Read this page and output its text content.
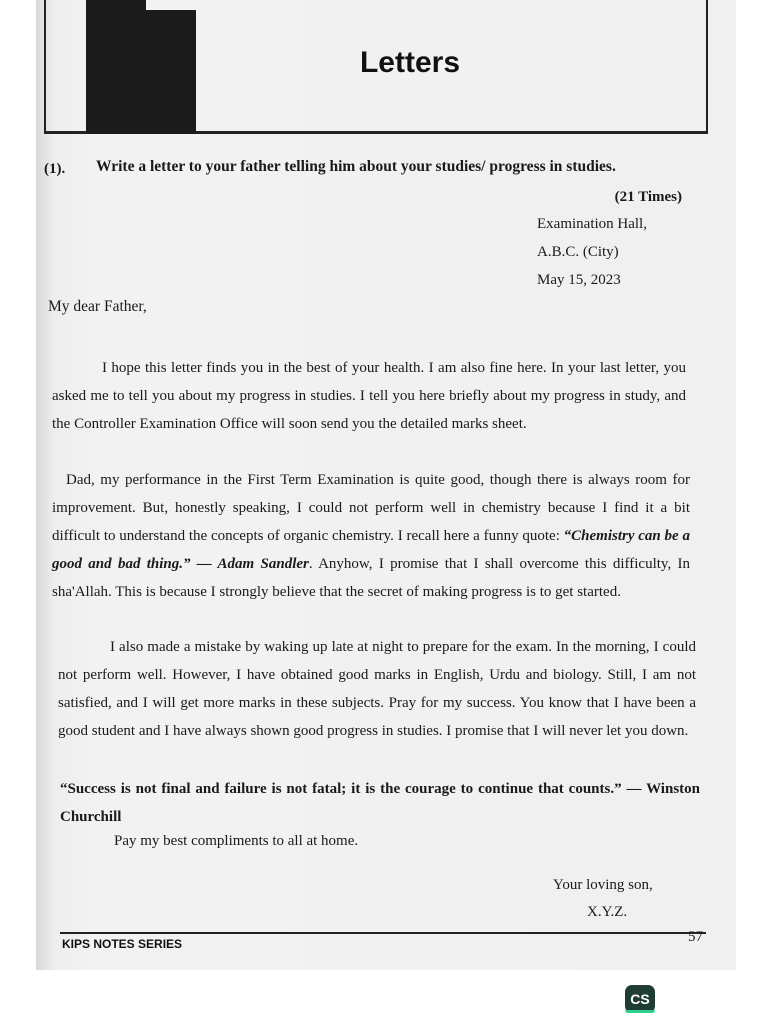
Letters
(1). Write a letter to your father telling him about your studies/ progress in studies.
(21 Times)
Examination Hall,
A.B.C. (City)
May 15, 2023
My dear Father,

I hope this letter finds you in the best of your health. I am also fine here. In your last letter, you asked me to tell you about my progress in studies. I tell you here briefly about my progress in study, and the Controller Examination Office will soon send you the detailed marks sheet.

Dad, my performance in the First Term Examination is quite good, though there is always room for improvement. But, honestly speaking, I could not perform well in chemistry because I find it a bit difficult to understand the concepts of organic chemistry. I recall here a funny quote: “Chemistry can be a good and bad thing.” — Adam Sandler. Anyhow, I promise that I shall overcome this difficulty, In sha'Allah. This is because I strongly believe that the secret of making progress is to get started.

I also made a mistake by waking up late at night to prepare for the exam. In the morning, I could not perform well. However, I have obtained good marks in English, Urdu and biology. Still, I am not satisfied, and I will get more marks in these subjects. Pray for my success. You know that I have been a good student and I have always shown good progress in studies. I promise that I will never let you down.

“Success is not final and failure is not fatal; it is the courage to continue that counts.” — Winston Churchill

Pay my best compliments to all at home.
Your loving son,
X.Y.Z.
KIPS NOTES SERIES	57
CS
